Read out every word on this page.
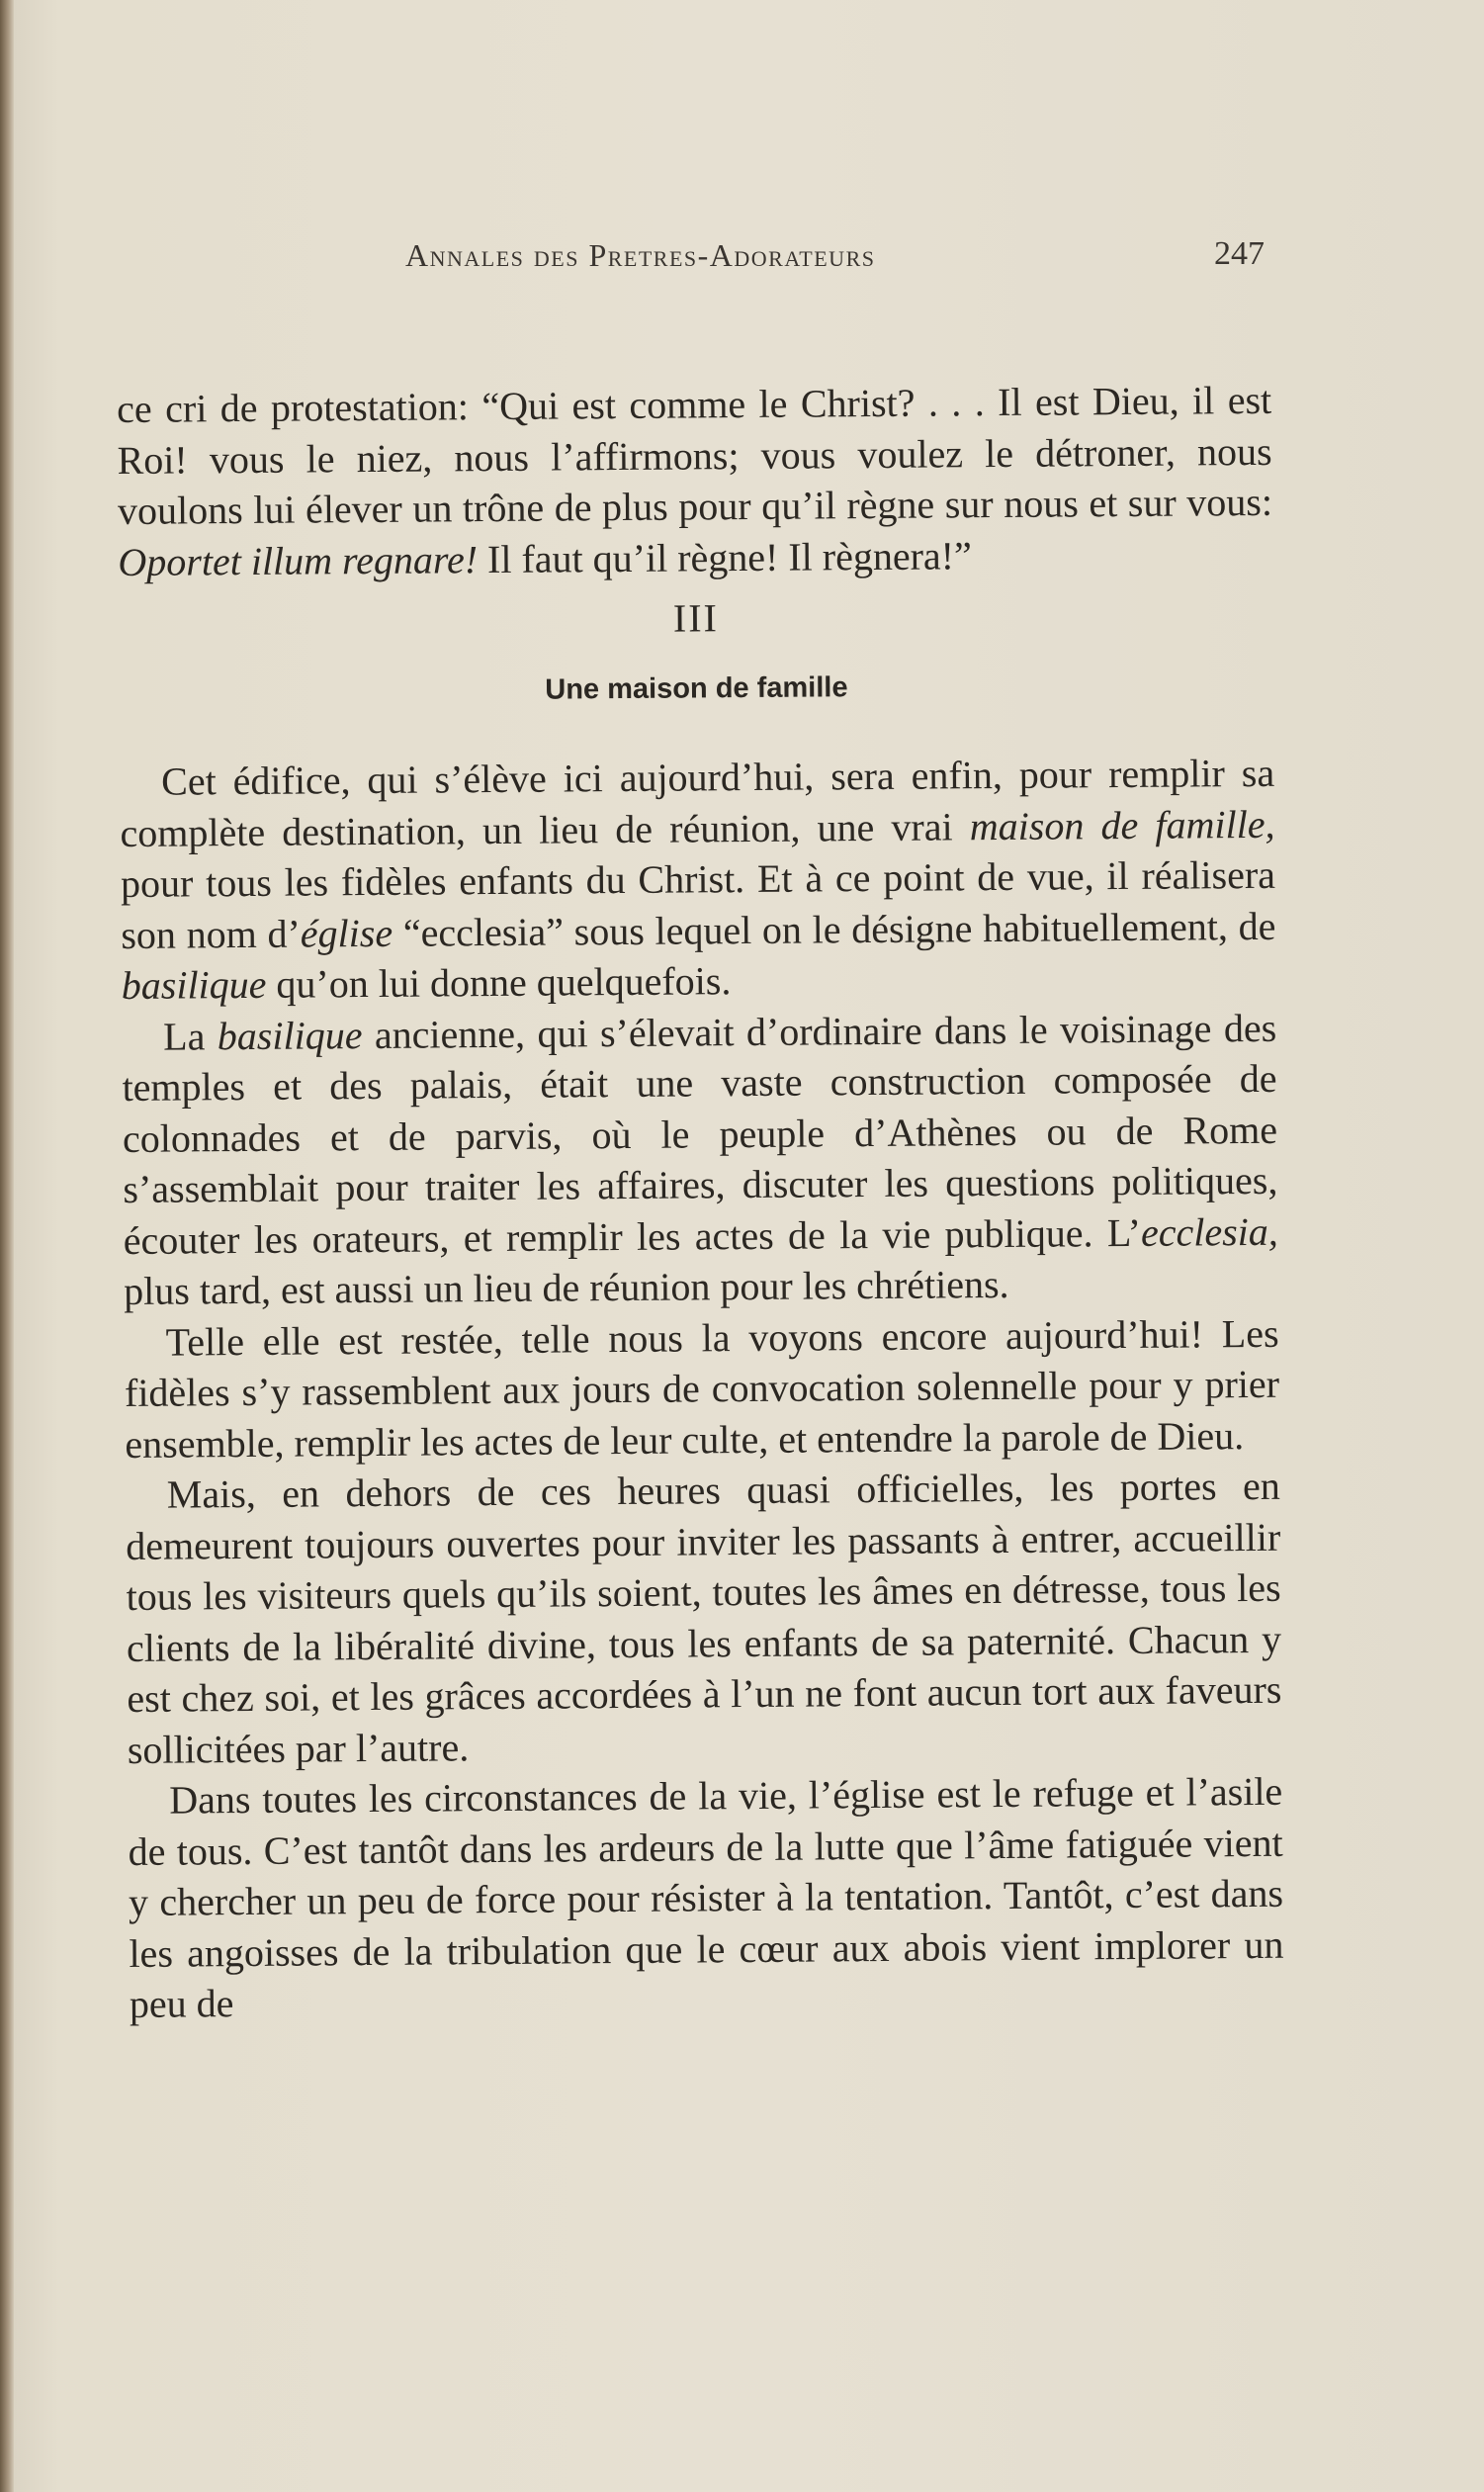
Annales des Pretres-Adorateurs	247

ce cri de protestation: “Qui est comme le Christ? . . . Il est Dieu, il est Roi! vous le niez, nous l’affirmons; vous voulez le détroner, nous voulons lui élever un trône de plus pour qu’il règne sur nous et sur vous: Oportet illum regnare! Il faut qu’il règne! Il règnera!”

III

Une maison de famille

Cet édifice, qui s’élève ici aujourd’hui, sera enfin, pour remplir sa complète destination, un lieu de réunion, une vrai maison de famille, pour tous les fidèles enfants du Christ. Et à ce point de vue, il réalisera son nom d’église “ecclesia” sous lequel on le désigne habituellement, de basilique qu’on lui donne quelquefois.

La basilique ancienne, qui s’élevait d’ordinaire dans le voisinage des temples et des palais, était une vaste construction composée de colonnades et de parvis, où le peuple d’Athènes ou de Rome s’assemblait pour traiter les affaires, discuter les questions politiques, écouter les orateurs, et remplir les actes de la vie publique. L’ecclesia, plus tard, est aussi un lieu de réunion pour les chrétiens.

Telle elle est restée, telle nous la voyons encore aujourd’hui! Les fidèles s’y rassemblent aux jours de convocation solennelle pour y prier ensemble, remplir les actes de leur culte, et entendre la parole de Dieu.

Mais, en dehors de ces heures quasi officielles, les portes en demeurent toujours ouvertes pour inviter les passants à entrer, accueillir tous les visiteurs quels qu’ils soient, toutes les âmes en détresse, tous les clients de la libéralité divine, tous les enfants de sa paternité. Chacun y est chez soi, et les grâces accordées à l’un ne font aucun tort aux faveurs sollicitées par l’autre.

Dans toutes les circonstances de la vie, l’église est le refuge et l’asile de tous. C’est tantôt dans les ardeurs de la lutte que l’âme fatiguée vient y chercher un peu de force pour résister à la tentation. Tantôt, c’est dans les angoisses de la tribulation que le cœur aux abois vient implorer un peu de
